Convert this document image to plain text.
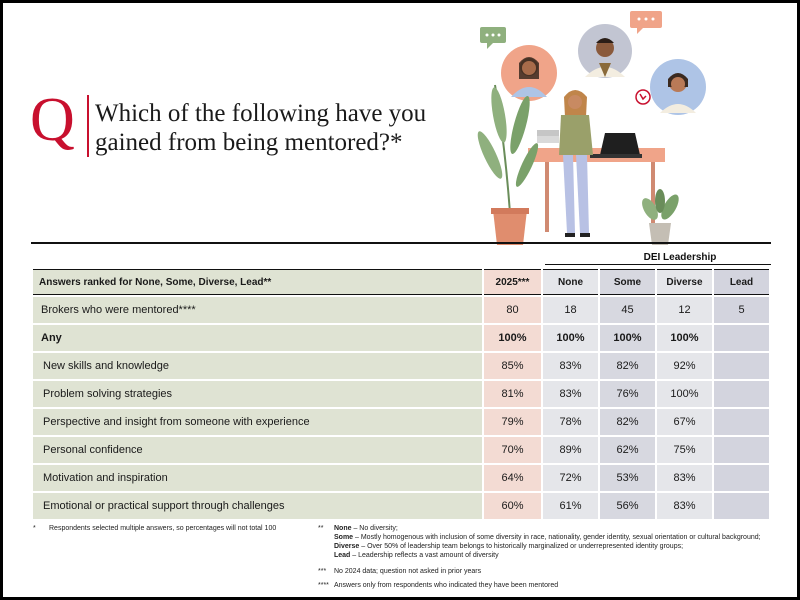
Q Which of the following have you
gained from being mentored?*
DEI Leadership
Answers ranked for None, Some, Diverse, Lead**	2025***	None	Some	Diverse	Lead
Brokers who were mentored****	80	18	45	12	5
Any	100%	100%	100%	100%	
New skills and knowledge	85%	83%	82%	92%	
Problem solving strategies	81%	83%	76%	100%	
Perspective and insight from someone with experience	79%	78%	82%	67%	
Personal confidence	70%	89%	62%	75%	
Motivation and inspiration	64%	72%	53%	83%	
Emotional or practical support through challenges	60%	61%	56%	83%	
* Respondents selected multiple answers, so percentages will not total 100	** None – No diversity;
Some – Mostly homogenous with inclusion of some diversity in race, nationality, gender identity, sexual orientation or cultural background;
Diverse – Over 50% of leadership team belongs to historically marginalized or underrepresented identity groups;
Lead – Leadership reflects a vast amount of diversity
*** No 2024 data; question not asked in prior years
**** Answers only from respondents who indicated they have been mentored
